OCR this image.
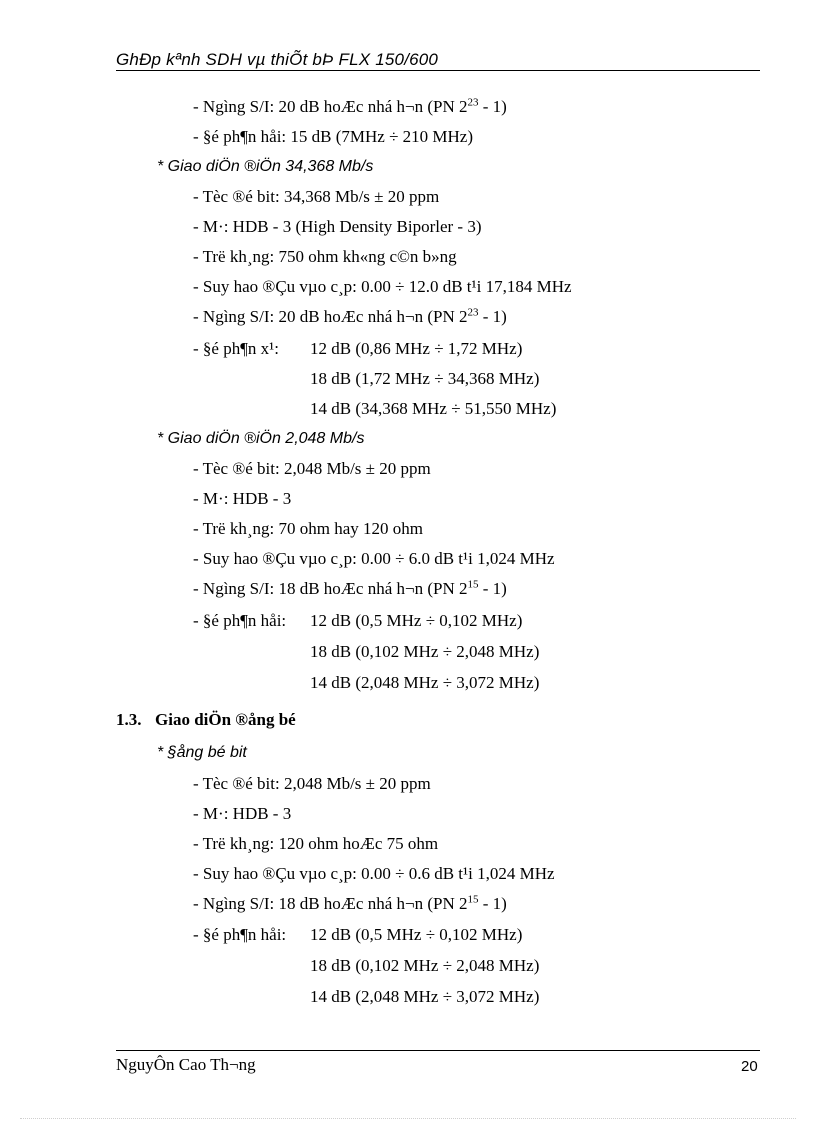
GhÐp kªnh SDH vµ thiÕt bÞ FLX 150/600
- Ngìng S/I: 20 dB hoÆc nhá h¬n (PN $2^{23} - 1$)
- §é ph¶n håi: 15 dB (7MHz ÷ 210 MHz)
* Giao diÖn ®iÖn 34,368 Mb/s
- Tèc ®é bit: 34,368 Mb/s ± 20 ppm
- M·: HDB - 3 (High Density Biporler - 3)
- Trë kh¸ng: 750 ohm kh«ng c©n b»ng
- Suy hao ®Çu vµo c¸p: 0.00 ÷ 12.0 dB t¹i 17,184 MHz
- Ngìng S/I: 20 dB hoÆc nhá h¬n (PN $2^{23} - 1$)
- §é ph¶n x¹: 12 dB (0,86 MHz ÷ 1,72 MHz)
18 dB (1,72 MHz ÷ 34,368 MHz)
14 dB (34,368 MHz ÷ 51,550 MHz)
* Giao diÖn ®iÖn 2,048 Mb/s
- Tèc ®é bit: 2,048 Mb/s ± 20 ppm
- M·: HDB - 3
- Trë kh¸ng: 70 ohm hay 120 ohm
- Suy hao ®Çu vµo c¸p: 0.00 ÷ 6.0 dB t¹i 1,024 MHz
- Ngìng S/I: 18 dB hoÆc nhá h¬n (PN $2^{15} - 1$)
- §é ph¶n håi: 12 dB (0,5 MHz ÷ 0,102 MHz)
18 dB (0,102 MHz ÷ 2,048 MHz)
14 dB (2,048 MHz ÷ 3,072 MHz)
1.3. Giao diÖn ®ång bé
* §ång bé bit
- Tèc ®é bit: 2,048 Mb/s ± 20 ppm
- M·: HDB - 3
- Trë kh¸ng: 120 ohm hoÆc 75 ohm
- Suy hao ®Çu vµo c¸p: 0.00 ÷ 0.6 dB t¹i 1,024 MHz
- Ngìng S/I: 18 dB hoÆc nhá h¬n (PN $2^{15} - 1$)
- §é ph¶n håi: 12 dB (0,5 MHz ÷ 0,102 MHz)
18 dB (0,102 MHz ÷ 2,048 MHz)
14 dB (2,048 MHz ÷ 3,072 MHz)
NguyÔn Cao Th¬ng	20
